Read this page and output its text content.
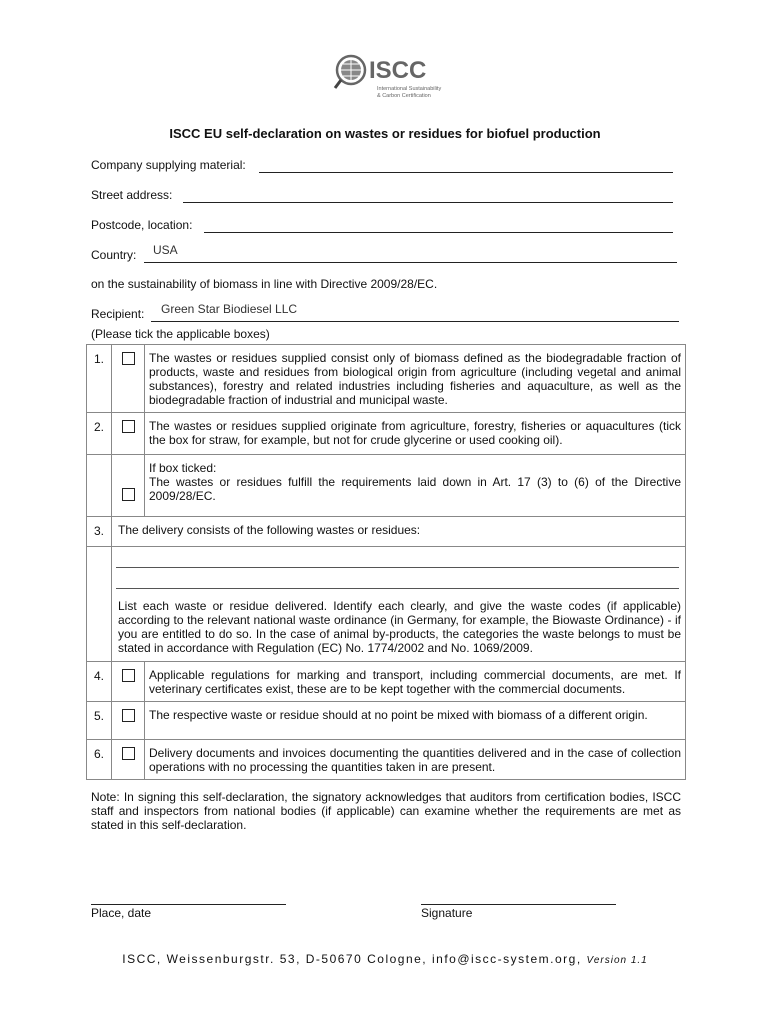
ISCC
International Sustainability
& Carbon Certification
ISCC EU self-declaration on wastes or residues for biofuel production
Company supplying material:
Street address:
Postcode, location:
Country: USA
on the sustainability of biomass in line with Directive 2009/28/EC.
Recipient: Green Star Biodiesel LLC
(Please tick the applicable boxes)
1.		The wastes or residues supplied consist only of biomass defined as the biodegradable fraction of products, waste and residues from biological origin from agriculture (including vegetal and animal substances), forestry and related industries including fisheries and aquaculture, as well as the biodegradable fraction of industrial and municipal waste.
2.		The wastes or residues supplied originate from agriculture, forestry, fisheries or aquacultures (tick the box for straw, for example, but not for crude glycerine or used cooking oil).

		If box ticked:
The wastes or residues fulfill the requirements laid down in Art. 17 (3) to (6) of the Directive 2009/28/EC.

3.	The delivery consists of the following wastes or residues:	

	List each waste or residue delivered. Identify each clearly, and give the waste codes (if applicable) according to the relevant national waste ordinance (in Germany, for example, the Biowaste Ordinance) - if you are entitled to do so. In the case of animal by-products, the categories the waste belongs to must be stated in accordance with Regulation (EC) No. 1774/2002 and No. 1069/2009.	

4.		Applicable regulations for marking and transport, including commercial documents, are met. If veterinary certificates exist, these are to be kept together with the commercial documents.
5.		The respective waste or residue should at no point be mixed with biomass of a different origin.
6.		Delivery documents and invoices documenting the quantities delivered and in the case of collection operations with no processing the quantities taken in are present.
Note: In signing this self-declaration, the signatory acknowledges that auditors from certification bodies, ISCC staff and inspectors from national bodies (if applicable) can examine whether the requirements are met as stated in this self-declaration.
Place, date	Signature
ISCC, Weissenburgstr. 53, D-50670 Cologne, info@iscc-system.org, Version 1.1
